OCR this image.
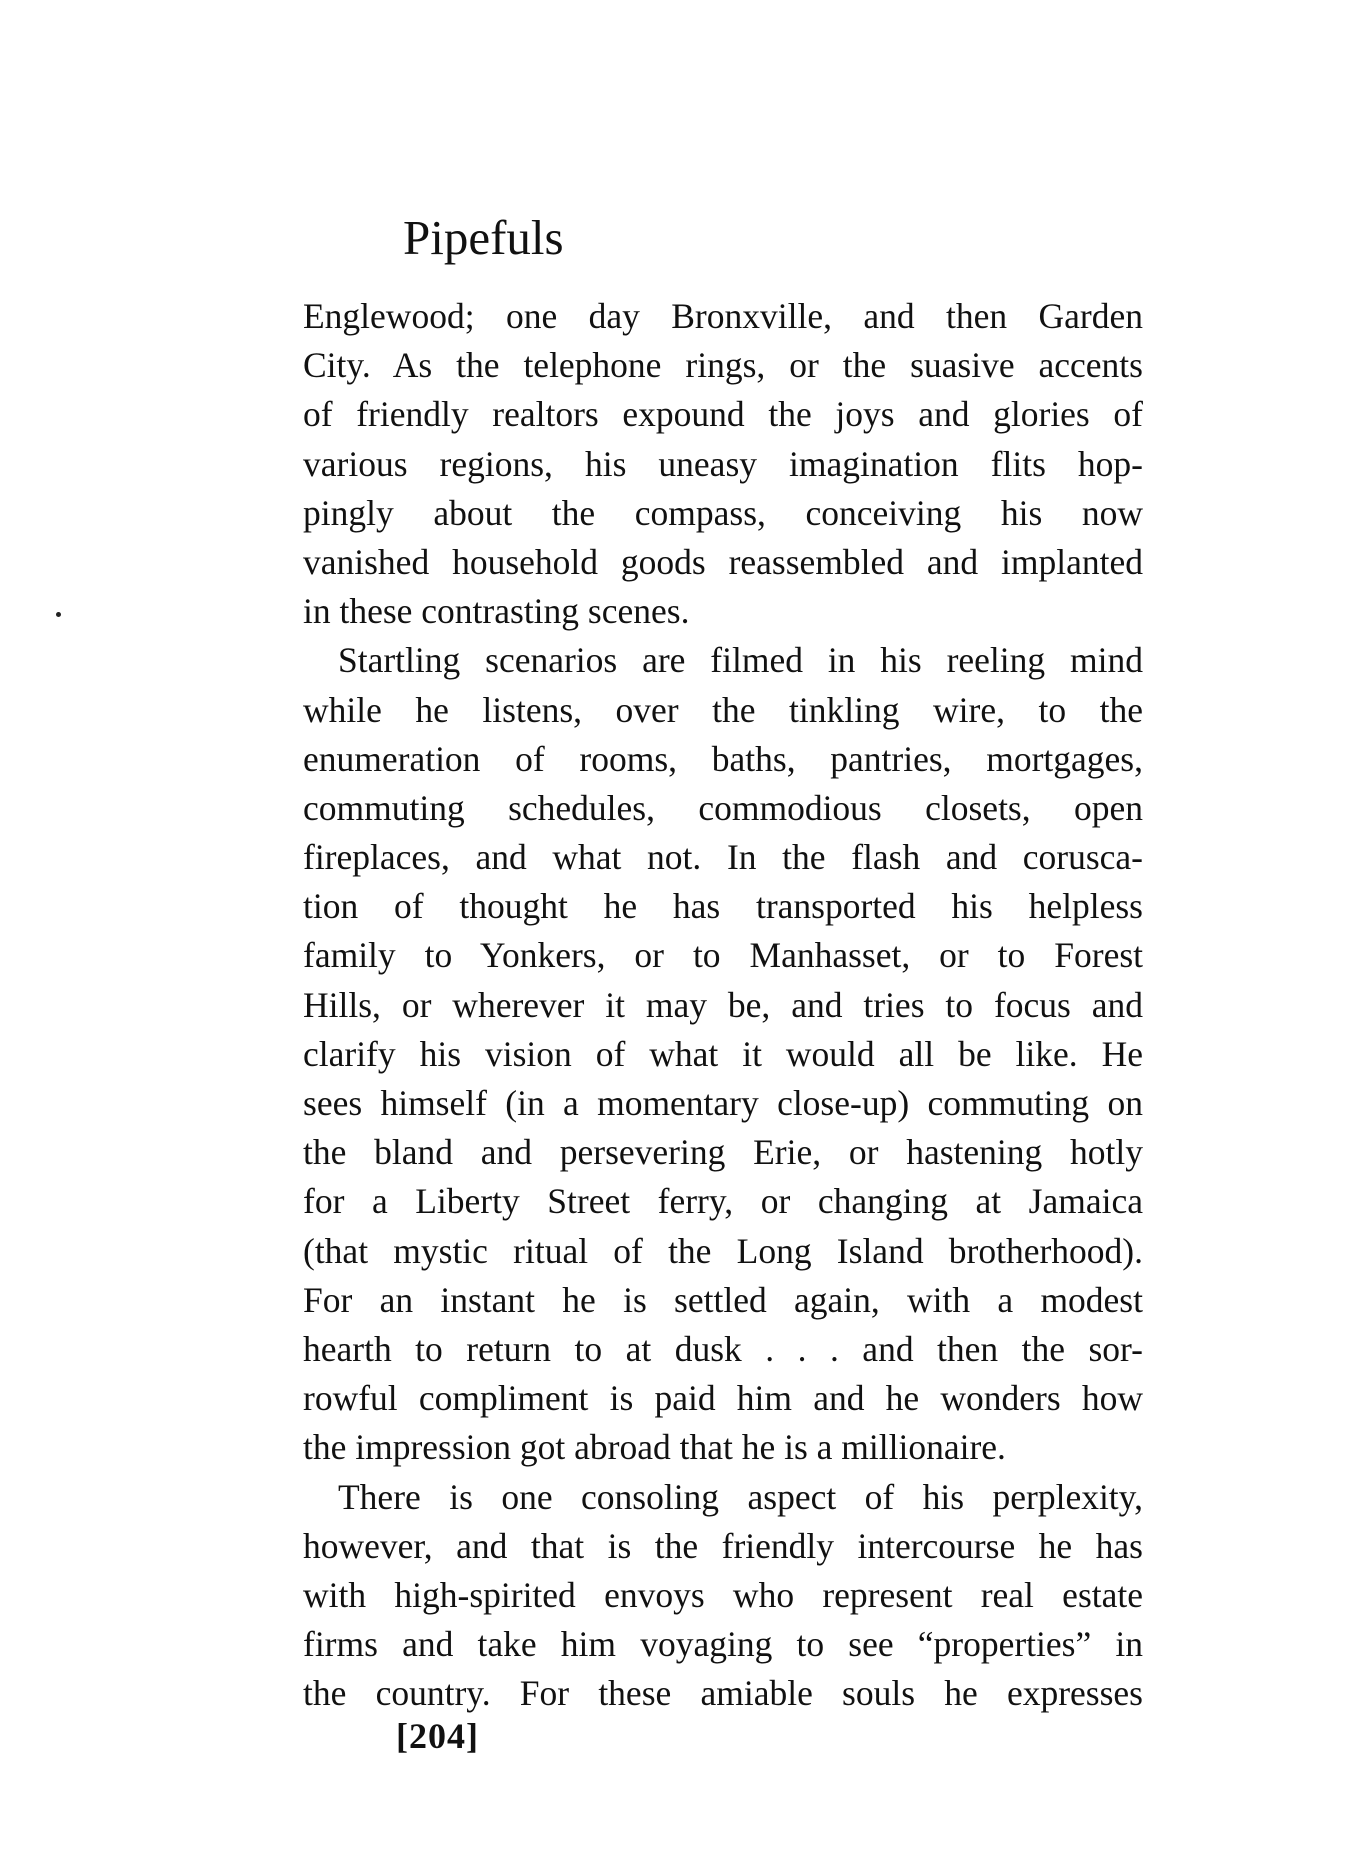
Pipefuls
Englewood; one day Bronxville, and then Garden
City. As the telephone rings, or the suasive accents
of friendly realtors expound the joys and glories of
various regions, his uneasy imagination flits hop-
pingly about the compass, conceiving his now
vanished household goods reassembled and implanted
in these contrasting scenes.
Startling scenarios are filmed in his reeling mind
while he listens, over the tinkling wire, to the
enumeration of rooms, baths, pantries, mortgages,
commuting schedules, commodious closets, open
fireplaces, and what not. In the flash and corusca-
tion of thought he has transported his helpless
family to Yonkers, or to Manhasset, or to Forest
Hills, or wherever it may be, and tries to focus and
clarify his vision of what it would all be like. He
sees himself (in a momentary close-up) commuting on
the bland and persevering Erie, or hastening hotly
for a Liberty Street ferry, or changing at Jamaica
(that mystic ritual of the Long Island brotherhood).
For an instant he is settled again, with a modest
hearth to return to at dusk . . . and then the sor-
rowful compliment is paid him and he wonders how
the impression got abroad that he is a millionaire.
There is one consoling aspect of his perplexity,
however, and that is the friendly intercourse he has
with high-spirited envoys who represent real estate
firms and take him voyaging to see “properties” in
the country. For these amiable souls he expresses
[204]
